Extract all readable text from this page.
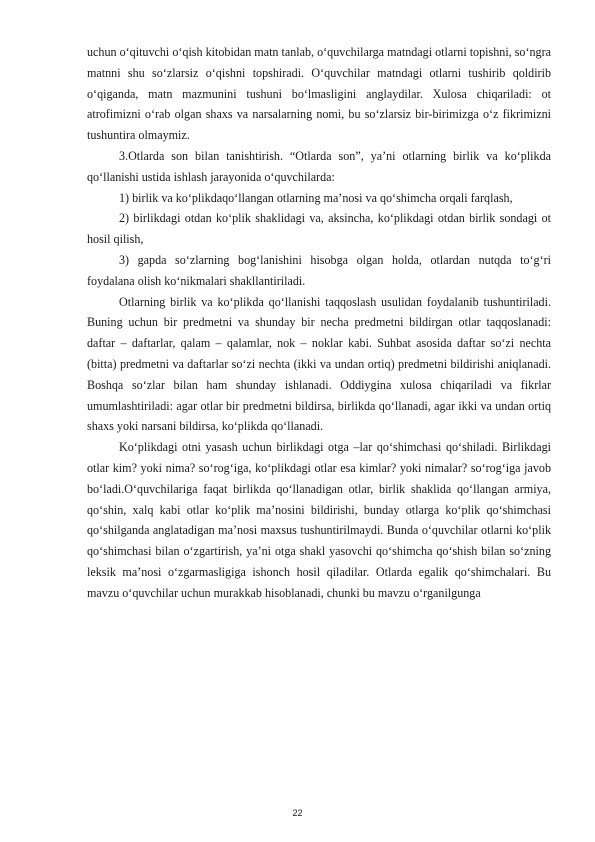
uchun o‘qituvchi o‘qish kitobidan matn tanlab, o‘quvchilarga matndagi otlarni topishni, so‘ngra matnni shu so‘zlarsiz o‘qishni topshiradi. O‘quvchilar matndagi otlarni tushirib qoldirib o‘qiganda, matn mazmunini tushuni bo‘lmasligini anglaydilar. Xulosa chiqariladi: ot atrofimizni o‘rab olgan shaxs va narsalarning nomi, bu so‘zlarsiz bir-birimizga o‘z fikrimizni tushuntira olmaymiz.

3.Otlarda son bilan tanishtirish. “Otlarda son”, ya’ni otlarning birlik va ko‘plikda qo‘llanishi ustida ishlash jarayonida o‘quvchilarda:

1) birlik va ko‘plikdaqo‘llangan otlarning ma’nosi va qo‘shimcha orqali farqlash,

2) birlikdagi otdan ko‘plik shaklidagi va, aksincha, ko‘plikdagi otdan birlik sondagi ot hosil qilish,

3) gapda so‘zlarning bog‘lanishini hisobga olgan holda, otlardan nutqda to‘g‘ri foydalana olish ko‘nikmalari shakllantiriladi.

Otlarning birlik va ko‘plikda qo‘llanishi taqqoslash usulidan foydalanib tushuntiriladi. Buning uchun bir predmetni va shunday bir necha predmetni bildirgan otlar taqqoslanadi: daftar – daftarlar, qalam – qalamlar, nok – noklar kabi. Suhbat asosida daftar so‘zi nechta (bitta) predmetni va daftarlar so‘zi nechta (ikki va undan ortiq) predmetni bildirishi aniqlanadi. Boshqa so‘zlar bilan ham shunday ishlanadi. Oddiygina xulosa chiqariladi va fikrlar umumlashtiriladi: agar otlar bir predmetni bildirsa, birlikda qo‘llanadi, agar ikki va undan ortiq shaxs yoki narsani bildirsa, ko‘plikda qo‘llanadi.

Ko‘plikdagi otni yasash uchun birlikdagi otga –lar qo‘shimchasi qo‘shiladi. Birlikdagi otlar kim? yoki nima? so‘rog‘iga, ko‘plikdagi otlar esa kimlar? yoki nimalar? so‘rog‘iga javob bo‘ladi.O‘quvchilariga faqat birlikda qo‘llanadigan otlar, birlik shaklida qo‘llangan armiya, qo‘shin, xalq kabi otlar ko‘plik ma’nosini bildirishi, bunday otlarga ko‘plik qo‘shimchasi qo‘shilganda anglatadigan ma’nosi maxsus tushuntirilmaydi. Bunda o‘quvchilar otlarni ko‘plik qo‘shimchasi bilan o‘zgartirish, ya’ni otga shakl yasovchi qo‘shimcha qo‘shish bilan so‘zning leksik ma’nosi o‘zgarmasligiga ishonch hosil qiladilar. Otlarda egalik qo‘shimchalari. Bu mavzu o‘quvchilar uchun murakkab hisoblanadi, chunki bu mavzu o‘rganilgunga

22
